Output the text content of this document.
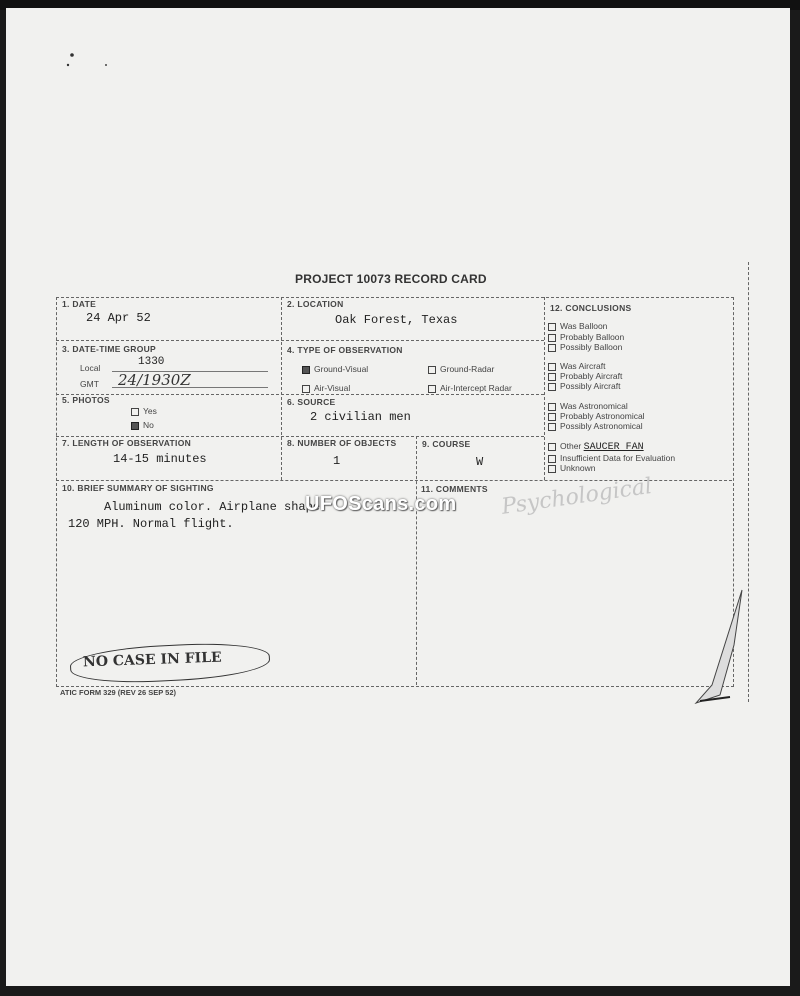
PROJECT 10073 RECORD CARD
1. DATE
24 Apr 52
2. LOCATION
Oak Forest, Texas
3. DATE-TIME GROUP
Local	1330
GMT 24/1930Z
4. TYPE OF OBSERVATION
Ground-Visual	Ground-Radar
Air-Visual	Air-Intercept Radar
5. PHOTOS
Yes
No
6. SOURCE
2 civilian men
7. LENGTH OF OBSERVATION
14-15 minutes
8. NUMBER OF OBJECTS
1
9. COURSE
W
12. CONCLUSIONS
Was Balloon
Probably Balloon
Possibly Balloon
Was Aircraft
Probably Aircraft
Possibly Aircraft
Was Astronomical
Probably Astronomical
Possibly Astronomical
Other SAUCER FAN
Insufficient Data for Evaluation
Unknown
10. BRIEF SUMMARY OF SIGHTING
Aluminum color. Airplane shape.
120 MPH. Normal flight.
11. COMMENTS Psychological
UFOScans.com
NO CASE IN FILE
ATIC FORM 329 (REV 26 SEP 52)
